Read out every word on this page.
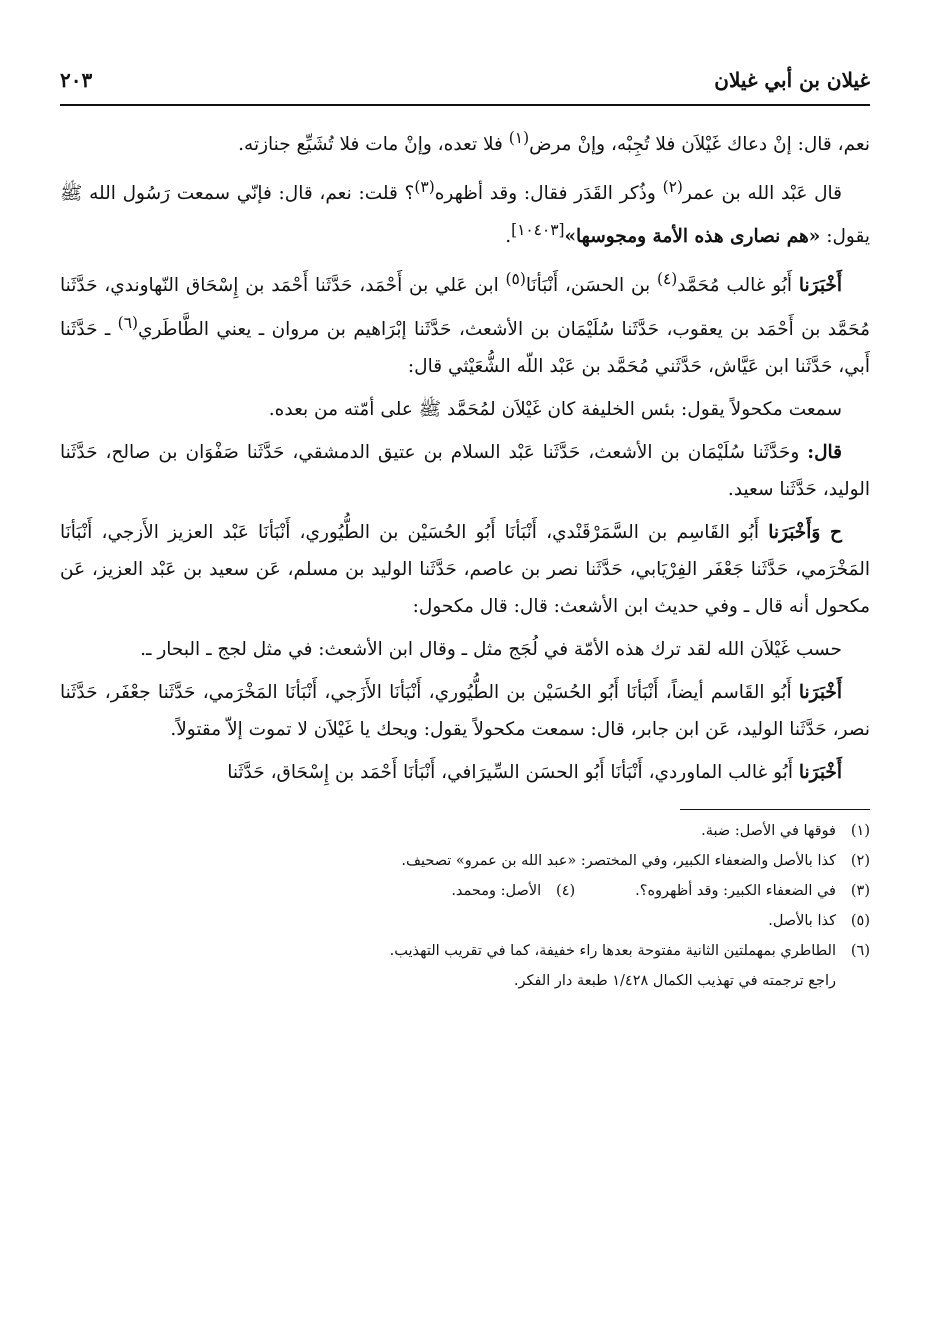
غيلان بن أبي غيلان
٢٠٣

نعم، قال: إنْ دعاك غَيْلاَن فلا تُجِبْه، وإنْ مرض$^{(١)}$ فلا تعده، وإنْ مات فلا تُشَيِّع جنازته.

قال عَبْد الله بن عمر$^{(٢)}$ وذُكر القَدَر فقال: وقد أظهره$^{(٣)}$؟ قلت: نعم، قال: فإنّي سمعت رَسُول الله ﷺ يقول: «هم نصارى هذه الأمة ومجوسها»[١٠٤٠٣].

أَخْبَرَنا أَبُو غالب مُحَمَّد$^{(٤)}$ بن الحسَن، أَنْبَأنَا$^{(٥)}$ ابن عَلي بن أَحْمَد، حَدَّثَنا أَحْمَد بن إِسْحَاق النّهاوندي، حَدَّثَنا مُحَمَّد بن أَحْمَد بن يعقوب، حَدَّثَنا سُلَيْمَان بن الأشعث، حَدَّثَنا إبْرَاهيم بن مروان ـ يعني الطَّاطَري$^{(٦)}$ ـ حَدَّثَنا أَبي، حَدَّثَنا ابن عَيَّاش، حَدَّثَني مُحَمَّد بن عَبْد اللّه الشُّعَيْثي قال:

سمعت مكحولاً يقول: بئس الخليفة كان غَيْلاَن لمُحَمَّد ﷺ على أمّته من بعده.

قال: وحَدَّثَنا سُلَيْمَان بن الأشعث، حَدَّثَنا عَبْد السلام بن عتيق الدمشقي، حَدَّثَنا صَفْوَان بن صالح، حَدَّثَنا الوليد، حَدَّثَنا سعيد.

ح وَأَخْبَرَنا أَبُو القَاسِم بن السَّمَرْقَنْدي، أَنْبَأنَا أَبُو الحُسَيْن بن الطُّيُوري، أَنْبَأنَا عَبْد العزيز الأَزجي، أَنْبَأنَا المَخْرَمي، حَدَّثَنا جَعْفَر الفِرْيَابي، حَدَّثَنا نصر بن عاصم، حَدَّثَنا الوليد بن مسلم، عَن سعيد بن عَبْد العزيز، عَن مكحول أنه قال ـ وفي حديث ابن الأشعث: قال: قال مكحول:

حسب غَيْلاَن الله لقد ترك هذه الأمّة في لُجَج مثل ـ وقال ابن الأشعث: في مثل لجج ـ البحار ـ.

أَخْبَرَنا أَبُو القَاسم أيضاً، أَنْبَأنَا أَبُو الحُسَيْن بن الطُّيُوري، أَنْبَأنَا الأَزَجي، أَنْبَأنَا المَخْرَمي، حَدَّثَنا جعْفَر، حَدَّثَنا نصر، حَدَّثَنا الوليد، عَن ابن جابر، قال: سمعت مكحولاً يقول: ويحك يا غَيْلاَن لا تموت إلاّ مقتولاً.

أَخْبَرَنا أَبُو غالب الماوردي، أَنْبَأنَا أَبُو الحسَن السِّيرَافي، أَنْبَأنَا أَحْمَد بن إِسْحَاق، حَدَّثَنا

(١)
فوقها في الأصل: ضبة.
(٢)
كذا بالأصل والضعفاء الكبير، وفي المختصر: «عبد الله بن عمرو» تصحيف.
(٣)
في الضعفاء الكبير: وقد أظهروه؟.
(٤)
الأصل: ومحمد.
(٥)
كذا بالأصل.
(٦)
الطاطري بمهملتين الثانية مفتوحة بعدها راء خفيفة، كما في تقريب التهذيب.
راجع ترجمته في تهذيب الكمال ١/٤٢٨ طبعة دار الفكر.
